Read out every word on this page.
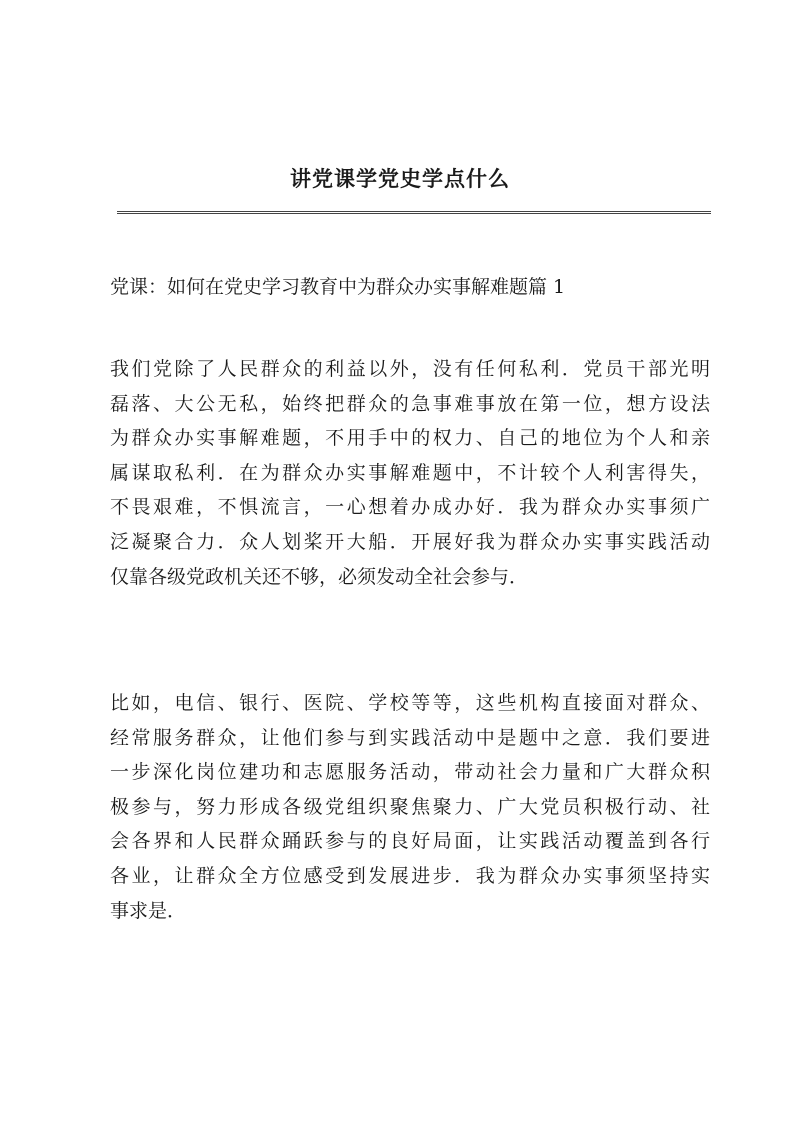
讲党课学党史学点什么

党课：如何在党史学习教育中为群众办实事解难题篇 1

我们党除了人民群众的利益以外，没有任何私利．党员干部光明
磊落、大公无私，始终把群众的急事难事放在第一位，想方设法
为群众办实事解难题，不用手中的权力、自己的地位为个人和亲
属谋取私利．在为群众办实事解难题中，不计较个人利害得失，
不畏艰难，不惧流言，一心想着办成办好．我为群众办实事须广
泛凝聚合力．众人划桨开大船．开展好我为群众办实事实践活动
仅靠各级党政机关还不够，必须发动全社会参与．

比如，电信、银行、医院、学校等等，这些机构直接面对群众、
经常服务群众，让他们参与到实践活动中是题中之意．我们要进
一步深化岗位建功和志愿服务活动，带动社会力量和广大群众积
极参与，努力形成各级党组织聚焦聚力、广大党员积极行动、社
会各界和人民群众踊跃参与的良好局面，让实践活动覆盖到各行
各业，让群众全方位感受到发展进步．我为群众办实事须坚持实
事求是．
